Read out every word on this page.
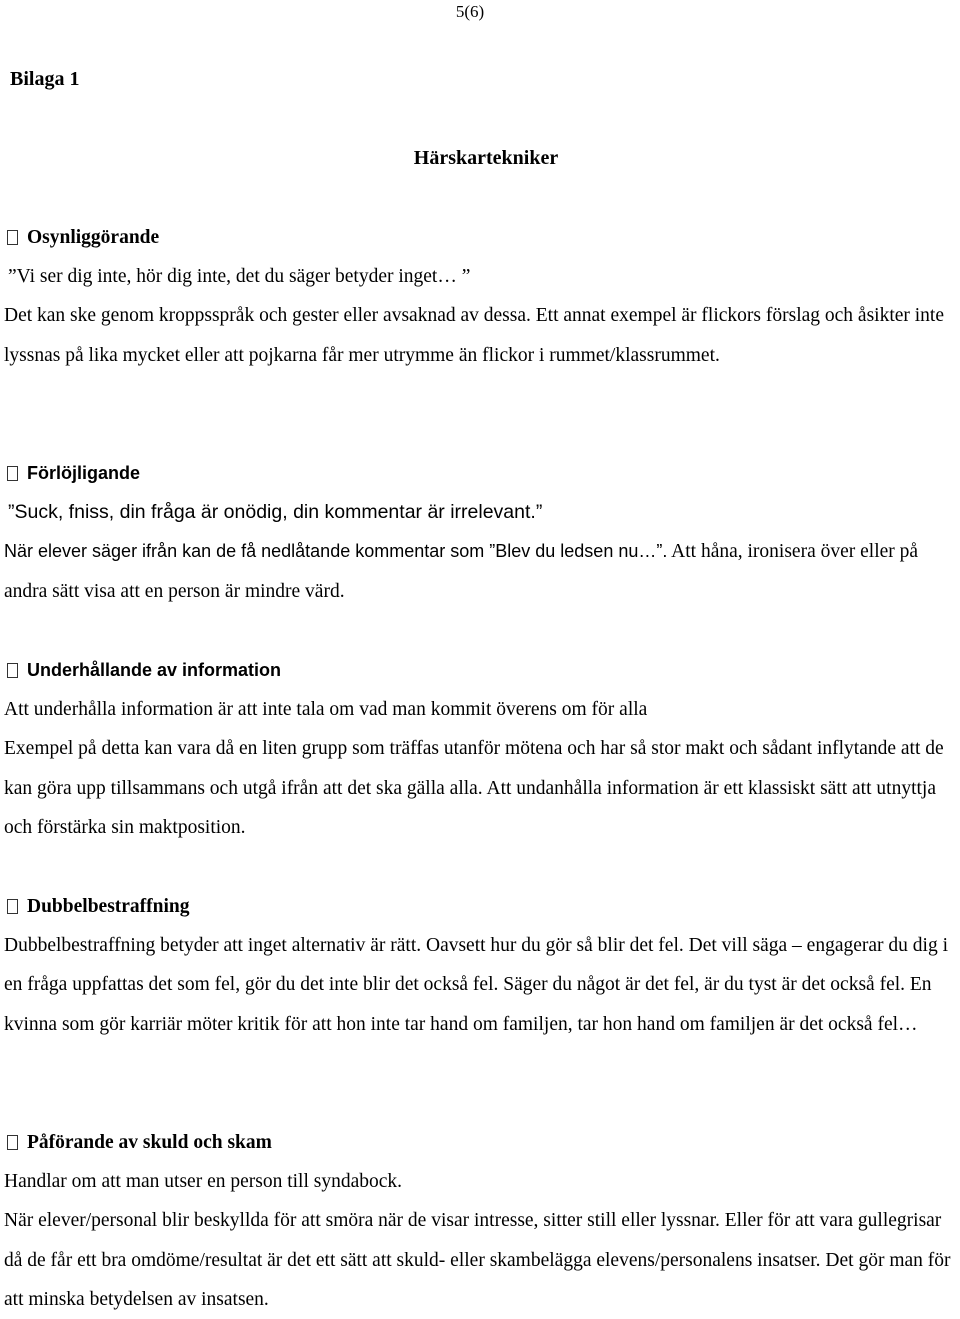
5(6)
Bilaga 1
Härskartekniker
Osynliggörande
”Vi ser dig inte, hör dig inte, det du säger betyder inget… ”

Det kan ske genom kroppsspråk och gester eller avsaknad av dessa. Ett annat exempel är flickors förslag och åsikter inte lyssnas på lika mycket eller att pojkarna får mer utrymme än flickor i rummet/klassrummet.

Förlöjligande
”Suck, fniss, din fråga är onödig, din kommentar är irrelevant.”

När elever säger ifrån kan de få nedlåtande kommentar som ”Blev du ledsen nu…”. Att håna, ironisera över eller på andra sätt visa att en person är mindre värd.

Underhållande av information

Att underhålla information är att inte tala om vad man kommit överens om för alla

Exempel på detta kan vara då en liten grupp som träffas utanför mötena och har så stor makt och sådant inflytande att de kan göra upp tillsammans och utgå ifrån att det ska gälla alla. Att undanhålla information är ett klassiskt sätt att utnyttja och förstärka sin maktposition.

Dubbelbestraffning

Dubbelbestraffning betyder att inget alternativ är rätt. Oavsett hur du gör så blir det fel. Det vill säga – engagerar du dig i en fråga uppfattas det som fel, gör du det inte blir det också fel. Säger du något är det fel, är du tyst är det också fel. En kvinna som gör karriär möter kritik för att hon inte tar hand om familjen, tar hon hand om familjen är det också fel…

Påförande av skuld och skam

Handlar om att man utser en person till syndabock.

När elever/personal blir beskyllda för att smöra när de visar intresse, sitter still eller lyssnar. Eller för att vara gullegrisar då de får ett bra omdöme/resultat är det ett sätt att skuld- eller skambelägga elevens/personalens insatser. Det gör man för att minska betydelsen av insatsen.
